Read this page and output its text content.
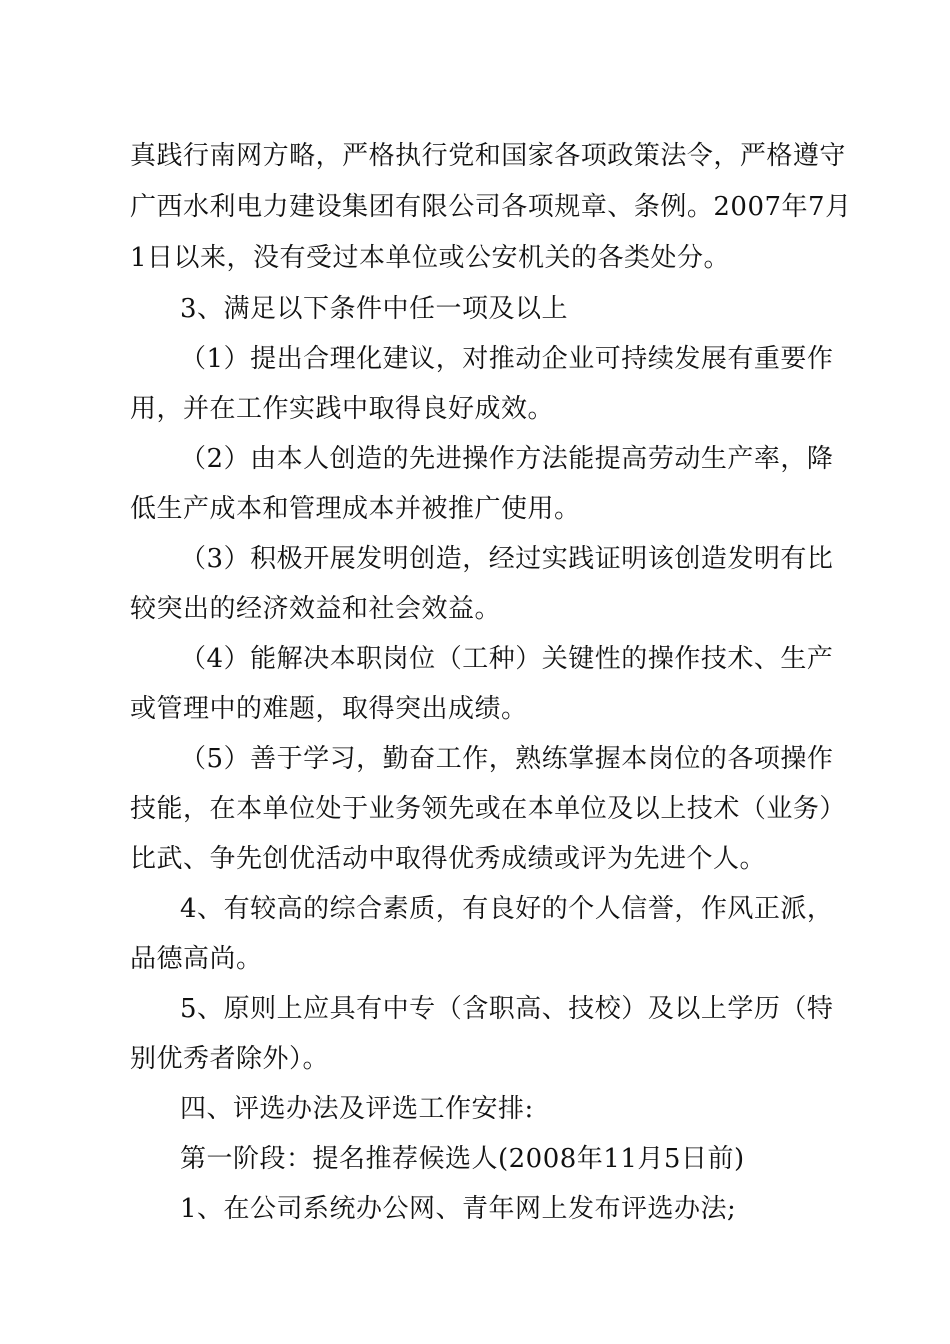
真 践 行 南 网 方 略 ， 严 格 执 行 党 和 国 家 各 项 政 策 法 令 ， 严 格 遵 守
广 西 水 利 电 力 建 设 集 团 有 限 公 司 各 项 规 章 、 条 例 。 2 0 0 7 年 7 月
1日以来，没有受过本单位或公安机关的各类处分。
3、满足以下条件中任一项及以上
（ 1 ） 提 出 合 理 化 建 议 ， 对 推 动 企 业 可 持 续 发 展 有 重 要 作
用，并在工作实践中取得良好成效。
（ 2 ） 由 本 人 创 造 的 先 进 操 作 方 法 能 提 高 劳 动 生 产 率 ， 降
低生产成本和管理成本并被推广使用。
（ 3 ） 积 极 开 展 发 明 创 造 ， 经 过 实 践 证 明 该 创 造 发 明 有 比
较突出的经济效益和社会效益。
（ 4 ） 能 解 决 本 职 岗 位 （ 工 种 ） 关 键 性 的 操 作 技 术 、 生 产
或管理中的难题，取得突出成绩。
（ 5 ） 善 于 学 习 ， 勤 奋 工 作 ， 熟 练 掌 握 本 岗 位 的 各 项 操 作
技 能 ， 在 本 单 位 处 于 业 务 领 先 或 在 本 单 位 及 以 上 技 术 （ 业 务 ）
比武、争先创优活动中取得优秀成绩或评为先进个人。
4 、 有 较 高 的 综 合 素 质 ， 有 良 好 的 个 人 信 誉 ， 作 风 正 派 ，
品德高尚。
5 、 原 则 上 应 具 有 中 专 （ 含 职 高 、 技 校 ） 及 以 上 学 历 （ 特
别优秀者除外）。
四、评选办法及评选工作安排:
第一阶段：提名推荐候选人(2008年11月5日前)
1、在公司系统办公网、青年网上发布评选办法;
